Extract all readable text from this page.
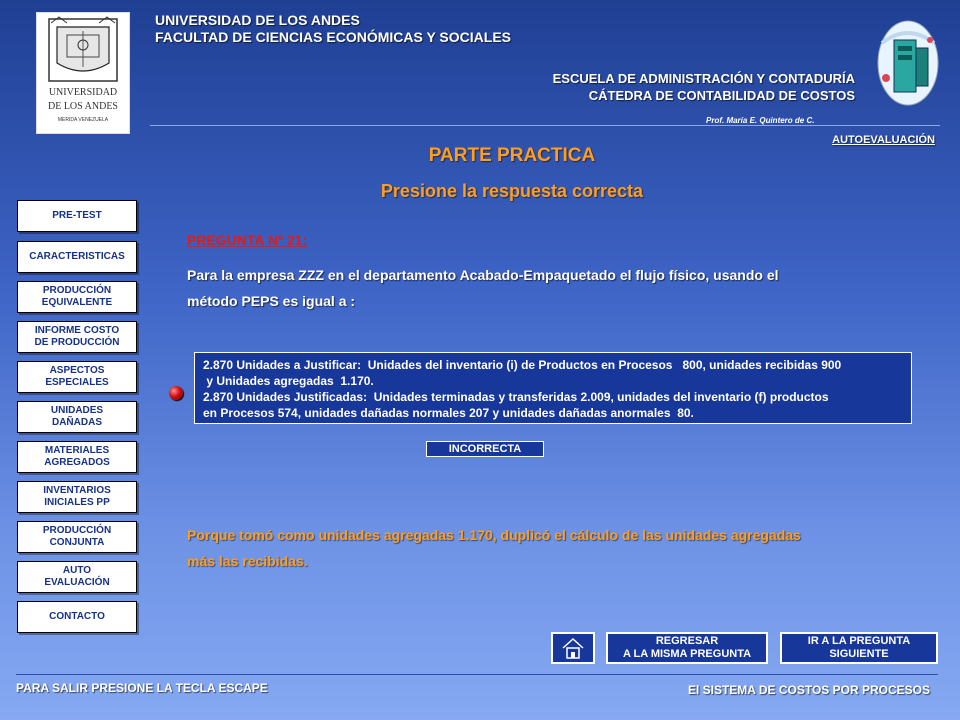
UNIVERSIDAD
DE LOS ANDES
MERIDA VENEZUELA
UNIVERSIDAD DE LOS ANDES
FACULTAD DE CIENCIAS ECONÓMICAS Y SOCIALES
ESCUELA DE ADMINISTRACIÓN Y CONTADURÍA
CÁTEDRA DE CONTABILIDAD DE COSTOS
Prof. María E. Quintero de C.
AUTOEVALUACIÓN
PARTE PRACTICA
Presione la respuesta correcta
PRE-TEST
CARACTERISTICAS
PRODUCCIÓN
EQUIVALENTE
INFORME COSTO
DE PRODUCCIÓN
ASPECTOS
ESPECIALES
UNIDADES
DAÑADAS
MATERIALES
AGREGADOS
INVENTARIOS
INICIALES PP
PRODUCCIÓN
CONJUNTA
AUTO
EVALUACIÓN
CONTACTO
PREGUNTA Nº 21:
Para la empresa ZZZ en el departamento Acabado-Empaquetado el flujo físico, usando el
método PEPS es igual a :
2.870 Unidades a Justificar:  Unidades del inventario (i) de Productos en Procesos   800, unidades recibidas 900
y Unidades agregadas  1.170.
2.870 Unidades Justificadas:  Unidades terminadas y transferidas 2.009, unidades del inventario (f) productos
en Procesos 574, unidades dañadas normales 207 y unidades dañadas anormales  80.
INCORRECTA
Porque tomó como unidades agregadas 1.170, duplicó el cálculo de las unidades agregadas
más las recibidas.
REGRESAR
A LA MISMA PREGUNTA
IR A LA PREGUNTA
SIGUIENTE
PARA SALIR PRESIONE LA TECLA ESCAPE	El SISTEMA DE COSTOS POR PROCESOS
